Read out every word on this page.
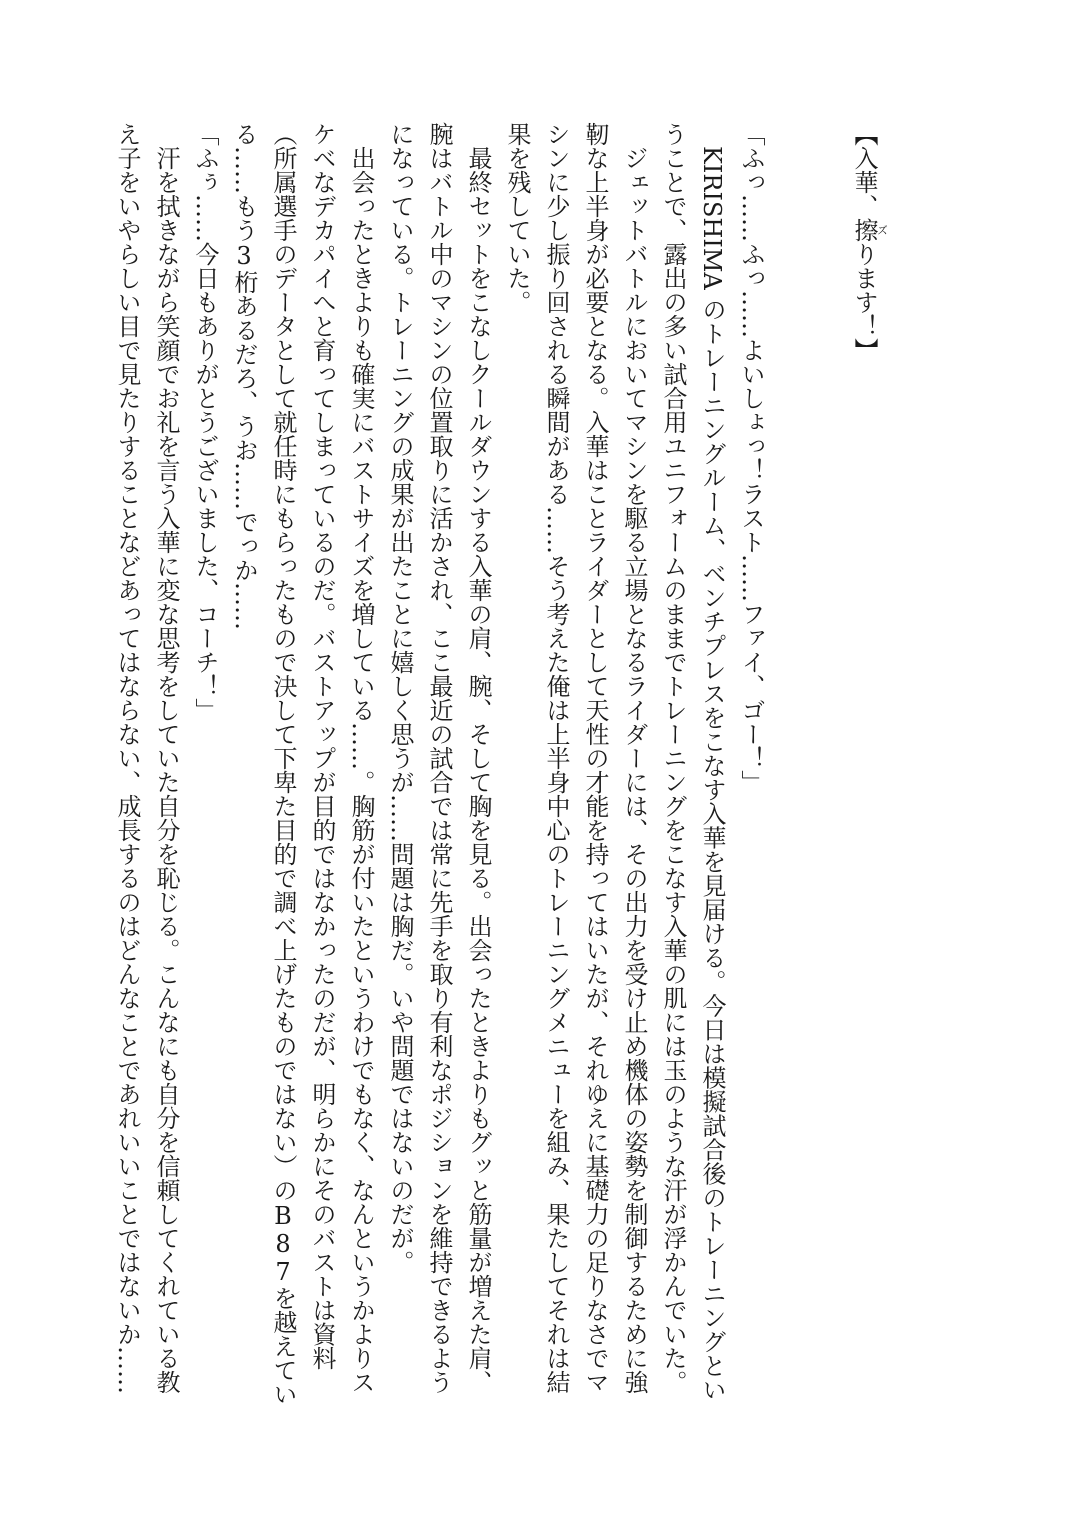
【入華、擦ズります！】
「ふっ……ふっ……よいしょっ！ラスト……ファイ、ゴー！」
KIRISHIMA のトレーニングルーム、ベンチプレスをこなす入華を見届ける。今日は模擬試合後のトレーニングとい
うことで、露出の多い試合用ユニフォームのままでトレーニングをこなす入華の肌には玉のような汗が浮かんでいた。
ジェットバトルにおいてマシンを駆る立場となるライダーには、その出力を受け止め機体の姿勢を制御するために強
靭な上半身が必要となる。入華はことライダーとして天性の才能を持ってはいたが、それゆえに基礎力の足りなさでマ
シンに少し振り回される瞬間がある……そう考えた俺は上半身中心のトレーニングメニューを組み、果たしてそれは結
果を残していた。
最終セットをこなしクールダウンする入華の肩、腕、そして胸を見る。出会ったときよりもグッと筋量が増えた肩、
腕はバトル中のマシンの位置取りに活かされ、ここ最近の試合では常に先手を取り有利なポジションを維持できるよう
になっている。トレーニングの成果が出たことに嬉しく思うが……問題は胸だ。いや問題ではないのだが。
出会ったときよりも確実にバストサイズを増している……。胸筋が付いたというわけでもなく、なんというかよりス
ケベなデカパイへと育ってしまっているのだ。バストアップが目的ではなかったのだが、明らかにそのバストは資料
（所属選手のデータとして就任時にもらったもので決して下卑た目的で調べ上げたものではない）のB87を越えてい
る……もう3桁あるだろ、うお……でっか……
「ふぅ……今日もありがとうございました、コーチ！」
汗を拭きながら笑顔でお礼を言う入華に変な思考をしていた自分を恥じる。こんなにも自分を信頼してくれている教
え子をいやらしい目で見たりすることなどあってはならない、成長するのはどんなことであれいいことではないか……
